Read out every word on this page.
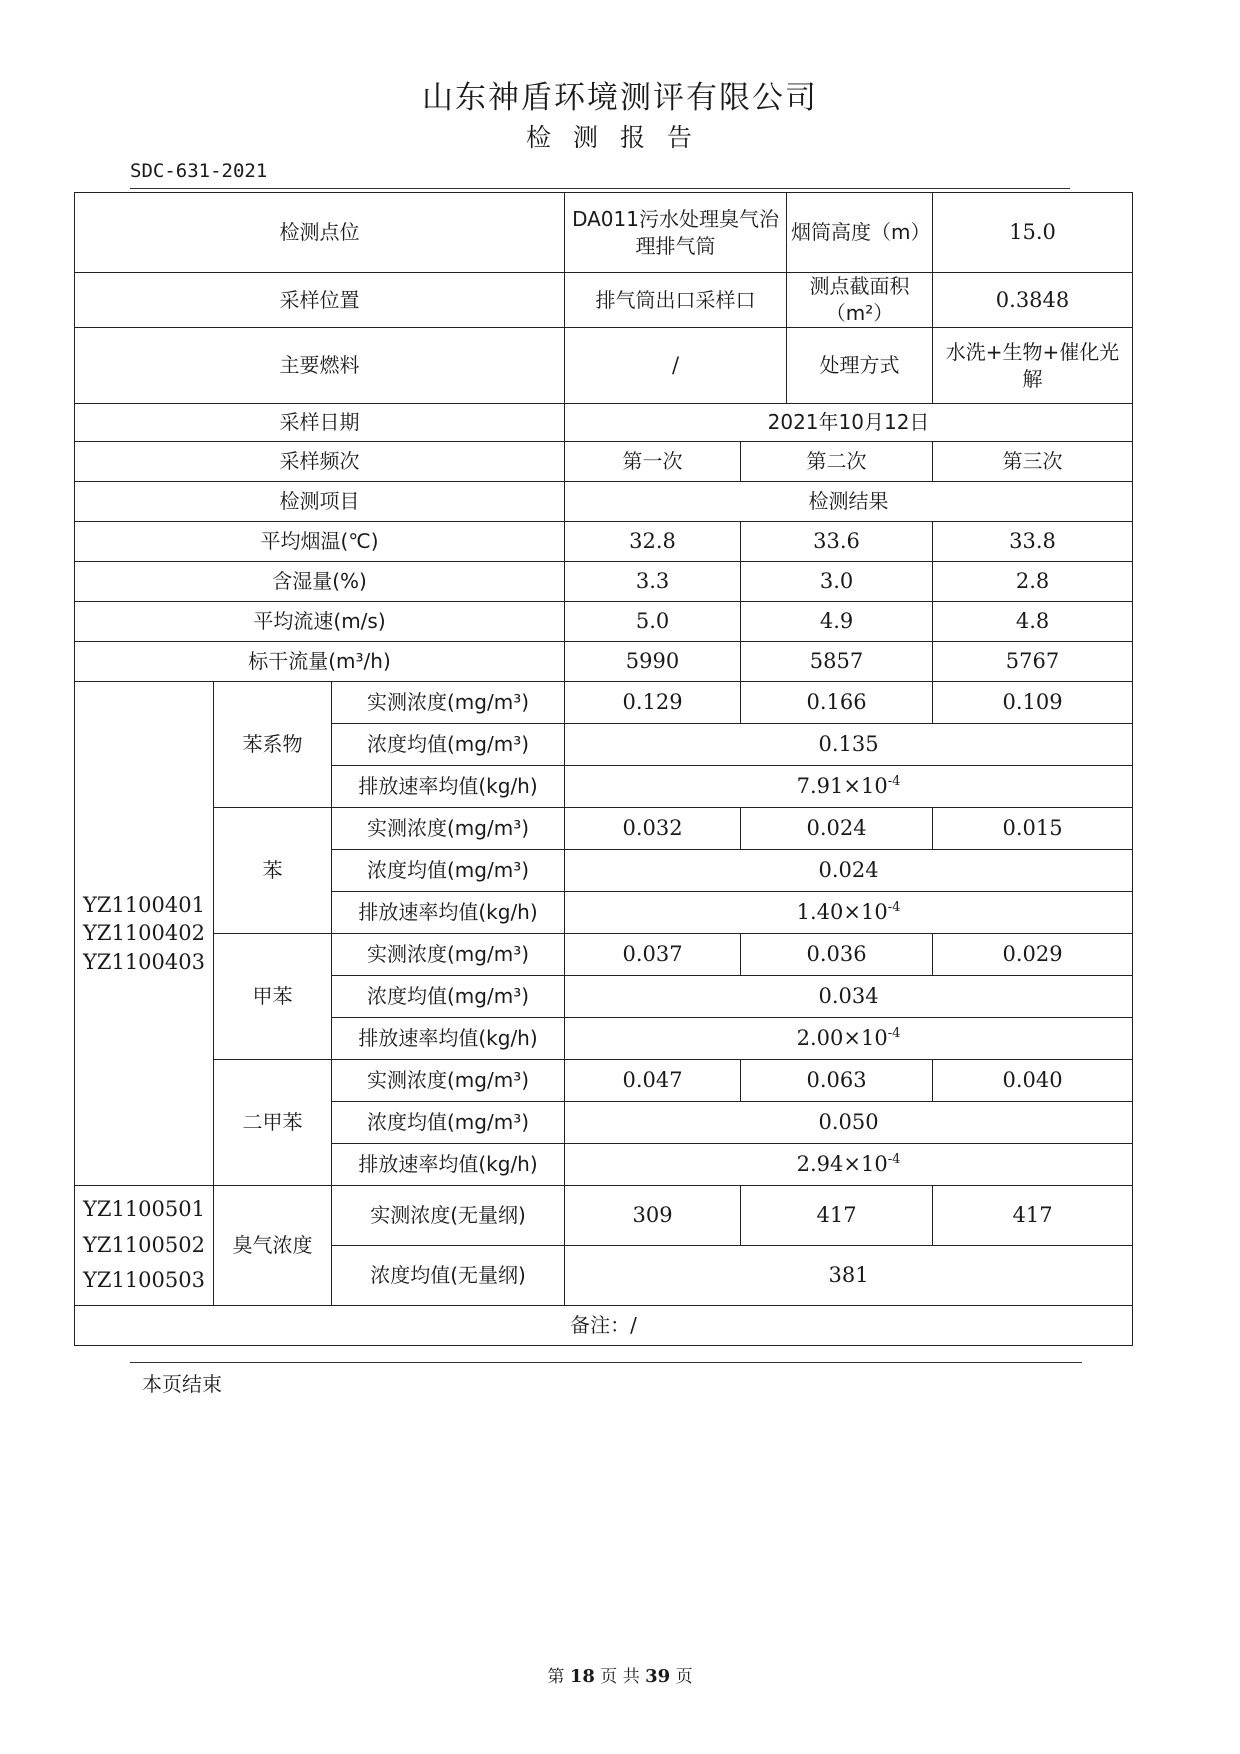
山东神盾环境测评有限公司
检测报告
SDC-631-2021
检测点位			DA011污水处理臭气治理排气筒		烟筒高度（m）	15.0
采样位置			排气筒出口采样口		测点截面积（m²）	0.3848
主要燃料			/		处理方式	水洗+生物+催化光解
采样日期			2021年10月12日			
采样频次			第一次	第二次		第三次
检测项目			检测结果			
平均烟温(℃)			32.8	33.6		33.8
含湿量(%)			3.3	3.0		2.8
平均流速(m/s)			5.0	4.9		4.8
标干流量(m³/h)			5990	5857		5767

YZ1100401
YZ1100402
YZ1100403	苯系物	实测浓度(mg/m³)	0.129	0.166		0.109
		浓度均值(mg/m³)	0.135			
		排放速率均值(kg/h)	$7.91\times 10^{-4}$
	苯	实测浓度(mg/m³)	0.032	0.024		0.015
		浓度均值(mg/m³)	0.024			
		排放速率均值(kg/h)	$1.40\times 10^{-4}$
	甲苯	实测浓度(mg/m³)	0.037	0.036		0.029
		浓度均值(mg/m³)	0.034			
		排放速率均值(kg/h)	$2.00\times 10^{-4}$
	二甲苯	实测浓度(mg/m³)	0.047	0.063		0.040
		浓度均值(mg/m³)	0.050			
		排放速率均值(kg/h)	$2.94\times 10^{-4}$

YZ1100501
YZ1100502
YZ1100503	臭气浓度	实测浓度(无量纲)	309	417		417
		浓度均值(无量纲)	381			
备注：/						
本页结束
第 18 页 共 39 页
